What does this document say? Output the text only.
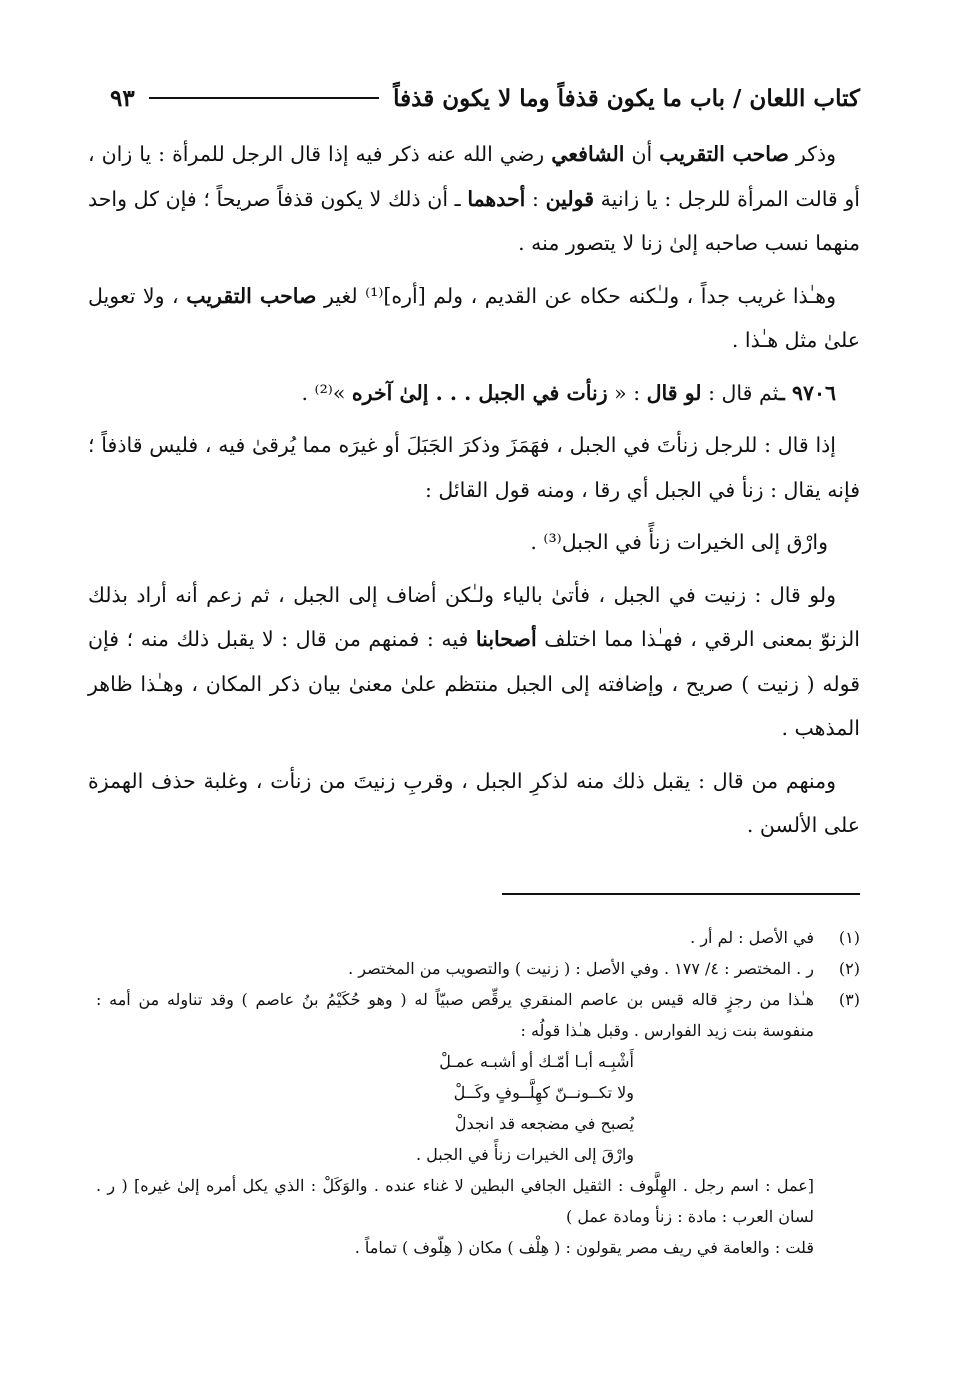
كتاب اللعان / باب ما يكون قذفاً وما لا يكون قذفاً
٩٣

وذكر صاحب التقريب أن الشافعي رضي الله عنه ذكر فيه إذا قال الرجل للمرأة : يا زان ، أو قالت المرأة للرجل : يا زانية قولين : أحدهما ـ أن ذلك لا يكون قذفاً صريحاً ؛ فإن كل واحد منهما نسب صاحبه إلىٰ زنا لا يتصور منه .

وهـٰذا غريب جداً ، ولـٰكنه حكاه عن القديم ، ولم [أره]⁽¹⁾ لغير صاحب التقريب ، ولا تعويل علىٰ مثل هـٰذا .

٩٧٠٦ ـثم قال : لو قال : « زنأت في الجبل . . . إلىٰ آخره »⁽²⁾ .

إذا قال : للرجل زنأتَ في الجبل ، فهَمَزَ وذكرَ الجَبَلَ أو غيرَه مما يُرقىٰ فيه ، فليس قاذفاً ؛ فإنه يقال : زنأ في الجبل أي رقا ، ومنه قول القائل :

وارْق إلى الخيرات زنأً في الجبل⁽³⁾ .

ولو قال : زنيت في الجبل ، فأتىٰ بالياء ولـٰكن أضاف إلى الجبل ، ثم زعم أنه أراد بذلك الزنوّ بمعنى الرقي ، فهـٰذا مما اختلف أصحابنا فيه : فمنهم من قال : لا يقبل ذلك منه ؛ فإن قوله ( زنيت ) صريح ، وإضافته إلى الجبل منتظم علىٰ معنىٰ بيان ذكر المكان ، وهـٰذا ظاهر المذهب .

ومنهم من قال : يقبل ذلك منه لذكرِ الجبل ، وقربِ زنيتَ من زنأت ، وغلبة حذف الهمزة على الألسن .

(١)
في الأصل : لم أر .
(٢)
ر . المختصر : ٤/ ١٧٧ . وفي الأصل : ( زنيت ) والتصويب من المختصر .
(٣)
هـٰذا من رجزٍ قاله قيس بن عاصم المنقري يرقِّص صبيّاً له ( وهو حُكَيْمُ بنُ عاصم ) وقد تناوله من أمه : منفوسة بنت زيد الفوارس . وقبل هـٰذا قولُه :
أَشْبِـه أبـا أمّـك أو أشبـه عمـلْ
ولا تكــونــنّ كهِلَّــوفٍ وكَــلْ
يُصبح في مضجعه قد انجدلْ
وارْقَ إلى الخيرات زنأً في الجبل .
[عمل : اسم رجل . الهِلَّوف : الثقيل الجافي البطين لا غناء عنده . والوَكَلْ : الذي يكل أمره إلىٰ غيره] ( ر . لسان العرب : مادة : زنأ ومادة عمل )
قلت : والعامة في ريف مصر يقولون : ( هِلْف ) مكان ( هِلّوف ) تماماً .
